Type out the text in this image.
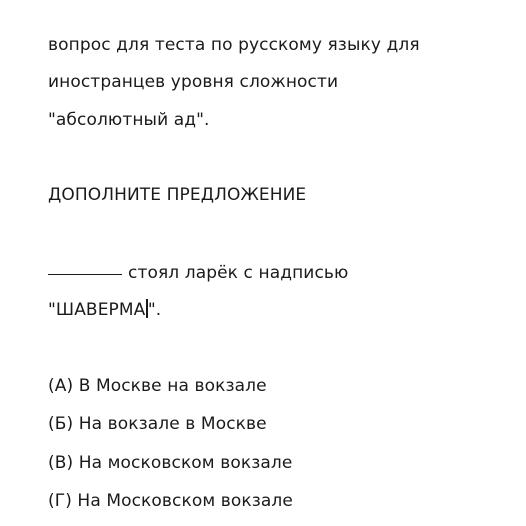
вопрос для теста по русскому языку для
иностранцев уровня сложности
"абсолютный ад".
ДОПОЛНИТЕ ПРЕДЛОЖЕНИЕ
стоял ларёк с надписью
"ШАВЕРМА ".
(А) В Москве на вокзале
(Б) На вокзале в Москве
(В) На московском вокзале
(Г) На Московском вокзале
